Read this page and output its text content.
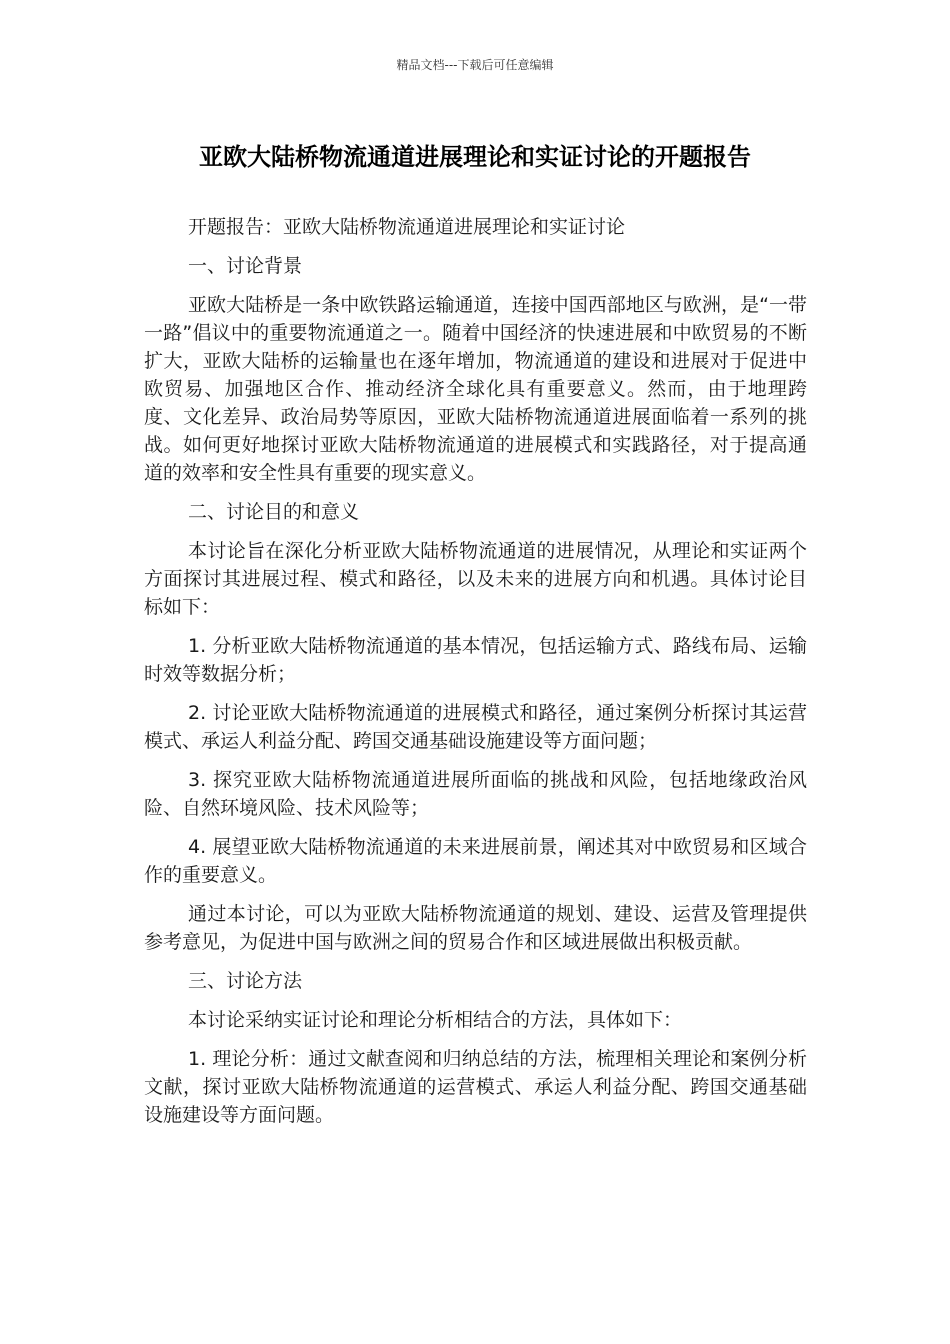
精品文档---下载后可任意编辑
亚欧大陆桥物流通道进展理论和实证讨论的开题报告

开题报告：亚欧大陆桥物流通道进展理论和实证讨论

一、讨论背景

亚欧大陆桥是一条中欧铁路运输通道，连接中国西部地区与欧洲，是“一带一路”倡议中的重要物流通道之一。随着中国经济的快速进展和中欧贸易的不断扩大，亚欧大陆桥的运输量也在逐年增加，物流通道的建设和进展对于促进中欧贸易、加强地区合作、推动经济全球化具有重要意义。然而，由于地理跨度、文化差异、政治局势等原因，亚欧大陆桥物流通道进展面临着一系列的挑战。如何更好地探讨亚欧大陆桥物流通道的进展模式和实践路径，对于提高通道的效率和安全性具有重要的现实意义。

二、讨论目的和意义

本讨论旨在深化分析亚欧大陆桥物流通道的进展情况，从理论和实证两个方面探讨其进展过程、模式和路径，以及未来的进展方向和机遇。具体讨论目标如下：

1. 分析亚欧大陆桥物流通道的基本情况，包括运输方式、路线布局、运输时效等数据分析；

2. 讨论亚欧大陆桥物流通道的进展模式和路径，通过案例分析探讨其运营模式、承运人利益分配、跨国交通基础设施建设等方面问题；

3. 探究亚欧大陆桥物流通道进展所面临的挑战和风险，包括地缘政治风险、自然环境风险、技术风险等；

4. 展望亚欧大陆桥物流通道的未来进展前景，阐述其对中欧贸易和区域合作的重要意义。

通过本讨论，可以为亚欧大陆桥物流通道的规划、建设、运营及管理提供参考意见，为促进中国与欧洲之间的贸易合作和区域进展做出积极贡献。

三、讨论方法

本讨论采纳实证讨论和理论分析相结合的方法，具体如下：

1. 理论分析：通过文献查阅和归纳总结的方法，梳理相关理论和案例分析文献，探讨亚欧大陆桥物流通道的运营模式、承运人利益分配、跨国交通基础设施建设等方面问题。
